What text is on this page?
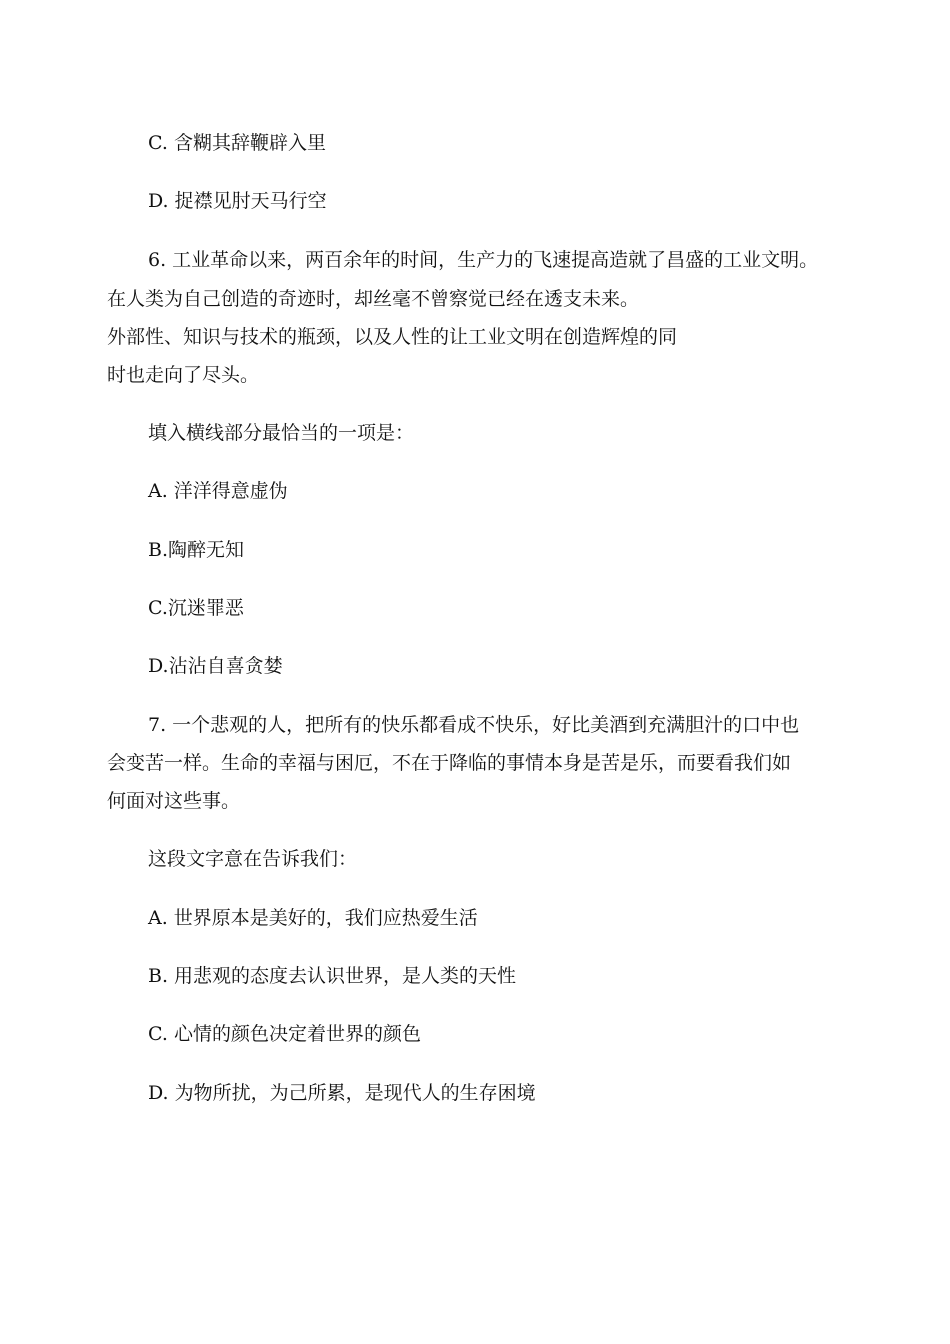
C. 含糊其辞鞭辟入里
D. 捉襟见肘天马行空
6. 工业革命以来，两百余年的时间，生产力的飞速提高造就了昌盛的工业文明。
在人类为自己创造的奇迹时，却丝毫不曾察觉已经在透支未来。
外部性、知识与技术的瓶颈，以及人性的让工业文明在创造辉煌的同
时也走向了尽头。
填入横线部分最恰当的一项是：
A. 洋洋得意虚伪
B.陶醉无知
C.沉迷罪恶
D.沾沾自喜贪婪
7. 一个悲观的人，把所有的快乐都看成不快乐，好比美酒到充满胆汁的口中也
会变苦一样。生命的幸福与困厄，不在于降临的事情本身是苦是乐，而要看我们如
何面对这些事。
这段文字意在告诉我们：
A. 世界原本是美好的，我们应热爱生活
B. 用悲观的态度去认识世界，是人类的天性
C. 心情的颜色决定着世界的颜色
D. 为物所扰，为己所累，是现代人的生存困境
